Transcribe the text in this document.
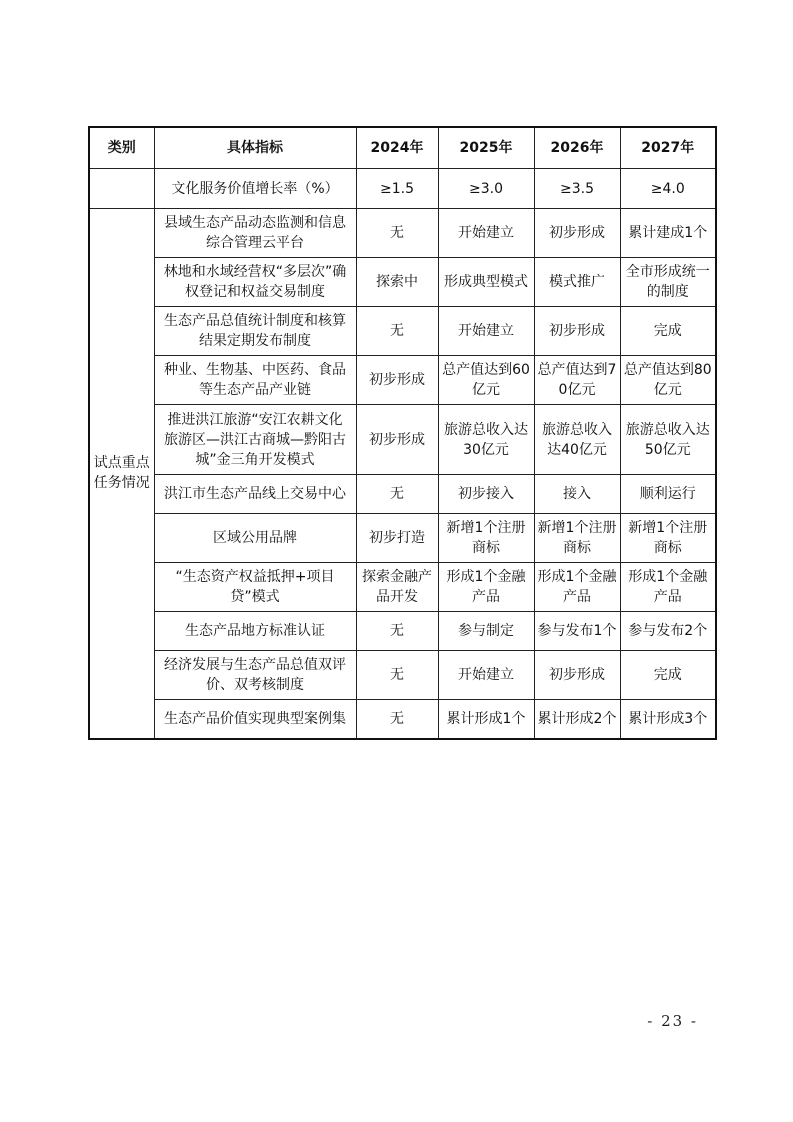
类别	具体指标	2024年	2025年	2026年	2027年
	文化服务价值增长率（%）	≥1.5	≥3.0	≥3.5	≥4.0
试点重点任务情况	县域生态产品动态监测和信息综合管理云平台	无	开始建立	初步形成	累计建成1个
	林地和水域经营权“多层次”确权登记和权益交易制度	探索中	形成典型模式	模式推广	全市形成统一的制度
	生态产品总值统计制度和核算结果定期发布制度	无	开始建立	初步形成	完成
	种业、生物基、中医药、食品等生态产品产业链	初步形成	总产值达到60亿元	总产值达到70亿元	总产值达到80亿元
	推进洪江旅游“安江农耕文化旅游区—洪江古商城—黔阳古城”金三角开发模式	初步形成	旅游总收入达30亿元	旅游总收入达40亿元	旅游总收入达50亿元
	洪江市生态产品线上交易中心	无	初步接入	接入	顺利运行
	区域公用品牌	初步打造	新增1个注册商标	新增1个注册商标	新增1个注册商标
	“生态资产权益抵押+项目贷”模式	探索金融产品开发	形成1个金融产品	形成1个金融产品	形成1个金融产品
	生态产品地方标准认证	无	参与制定	参与发布1个	参与发布2个
	经济发展与生态产品总值双评价、双考核制度	无	开始建立	初步形成	完成
	生态产品价值实现典型案例集	无	累计形成1个	累计形成2个	累计形成3个
- 23 -
